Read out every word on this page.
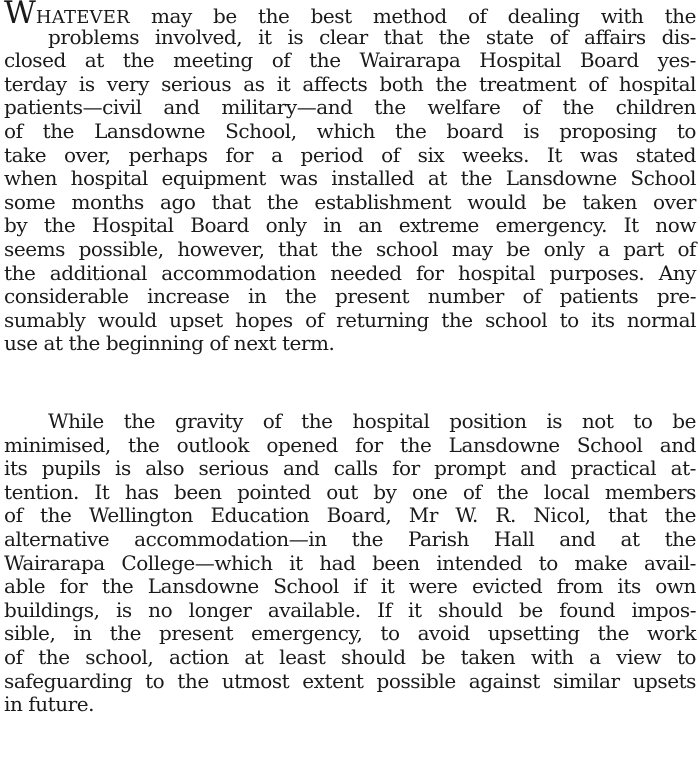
WHATEVER may be the best method of dealing with the
problems involved, it is clear that the state of affairs dis-
closed at the meeting of the Wairarapa Hospital Board yes-
terday is very serious as it affects both the treatment of hospital
patients—civil and military—and the welfare of the children
of the Lansdowne School, which the board is proposing to
take over, perhaps for a period of six weeks. It was stated
when hospital equipment was installed at the Lansdowne School
some months ago that the establishment would be taken over
by the Hospital Board only in an extreme emergency. It now
seems possible, however, that the school may be only a part of
the additional accommodation needed for hospital purposes. Any
considerable increase in the present number of patients pre-
sumably would upset hopes of returning the school to its normal
use at the beginning of next term.
While the gravity of the hospital position is not to be
minimised, the outlook opened for the Lansdowne School and
its pupils is also serious and calls for prompt and practical at-
tention. It has been pointed out by one of the local members
of the Wellington Education Board, Mr W. R. Nicol, that the
alternative accommodation—in the Parish Hall and at the
Wairarapa College—which it had been intended to make avail-
able for the Lansdowne School if it were evicted from its own
buildings, is no longer available. If it should be found impos-
sible, in the present emergency, to avoid upsetting the work
of the school, action at least should be taken with a view to
safeguarding to the utmost extent possible against similar upsets
in future.
